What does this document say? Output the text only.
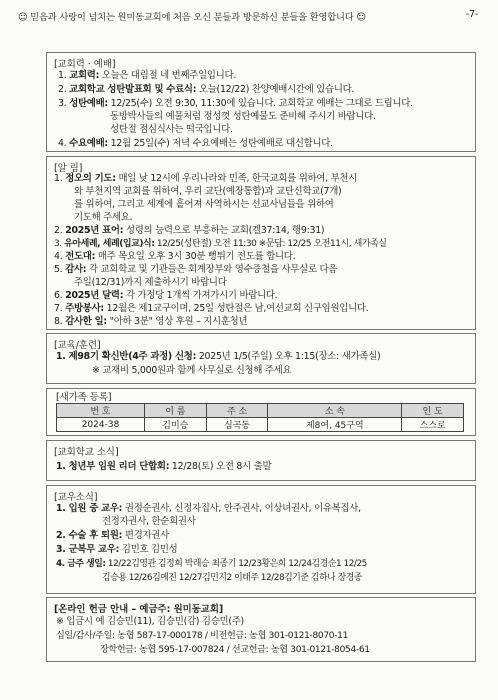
☺ 믿음과 사랑이 넘치는 원미동교회에 처음 오신 분들과 방문하신 분들을 환영합니다 ☺	-7-
[교회력 · 예배]
1. 교회력: 오늘은 대림절 네 번째주일입니다.
2. 교회학교 성탄발표회 및 수료식: 오늘(12/22) 찬양예배시간에 있습니다.
3. 성탄예배: 12/25(수) 오전 9:30, 11:30에 있습니다. 교회학교 예배는 그대로 드립니다.
동방박사들의 예물처럼 정성껏 성탄예물도 준비해 주시기 바랍니다.
성탄절 점심식사는 떡국입니다.
4. 수요예배: 12월 25일(수) 저녁 수요예배는 성탄예배로 대신합니다.
[알 림]
1. 정오의 기도: 매일 낮 12시에 우리나라와 민족, 한국교회를 위하여, 부천시
와 부천지역 교회를 위하여, 우리 교단(예장통합)과 교단신학교(7개)
를 위하여, 그리고 세계에 흩어져 사역하시는 선교사님들을 위하여
기도해 주세요.
2. 2025년 표어: 성령의 능력으로 부흥하는 교회(겔37:14, 행9:31)
3. 유아세례, 세례(입교)식: 12/25(성탄절) 오전 11:30 ※문답: 12/25 오전11시, 새가족실
4. 전도대: 매주 목요일 오후 3시 30분 뻥튀기 전도를 합니다.
5. 감사: 각 교회학교 및 기관들은 회계장부와 영수증철을 사무실로 다음
주일(12/31)까지 제출하시기 바랍니다
6. 2025년 달력: 각 가정당 1개씩 가져가시기 바랍니다.
7. 주방봉사: 12월은 제1교구이며, 25일 성탄절은 남,여선교회 신구임원입니다.
8. 감사한 일: "아하 3분" 영상 후원 – 지시훈청년
[교육/훈련]
1. 제98기 확신반(4주 과정) 신청: 2025년 1/5(주일) 오후 1:15(장소: 새가족실)
※ 교재비 5,000원과 함께 사무실로 신청해 주세요
[새가족 등록]
번 호	이 름	주 소	소 속	인 도
2024-38	김미승	심곡동	제8여, 45구역	스스로
[교회학교 소식]
1. 청년부 임원 리더 단합회: 12/28(토) 오전 8시 출발
[교우소식]
1. 입원 중 교우: 권정순권사, 신정자집사, 안주권사, 이상녀권사, 이유복집사,
전정자권사, 한순희권사
2. 수술 후 퇴원: 편경자권사
3. 군복무 교우: 김민호 김민성
4. 금주 생일: 12/22김영관 김정희 박래승 최종기 12/23황은희 12/24김경순1 12/25
김승용 12/26김예진 12/27김민지2 이태주 12/28김기준 김하나 장경종
[온라인 헌금 안내 – 예금주: 원미동교회]
※ 입금시 예 김승민(11), 김승민(감) 김승민(주)
십일/감사/주일: 농협 587-17-000178 / 비전헌금: 농협 301-0121-8070-11
장학헌금: 농협 595-17-007824 / 선교헌금: 농협 301-0121-8054-61
